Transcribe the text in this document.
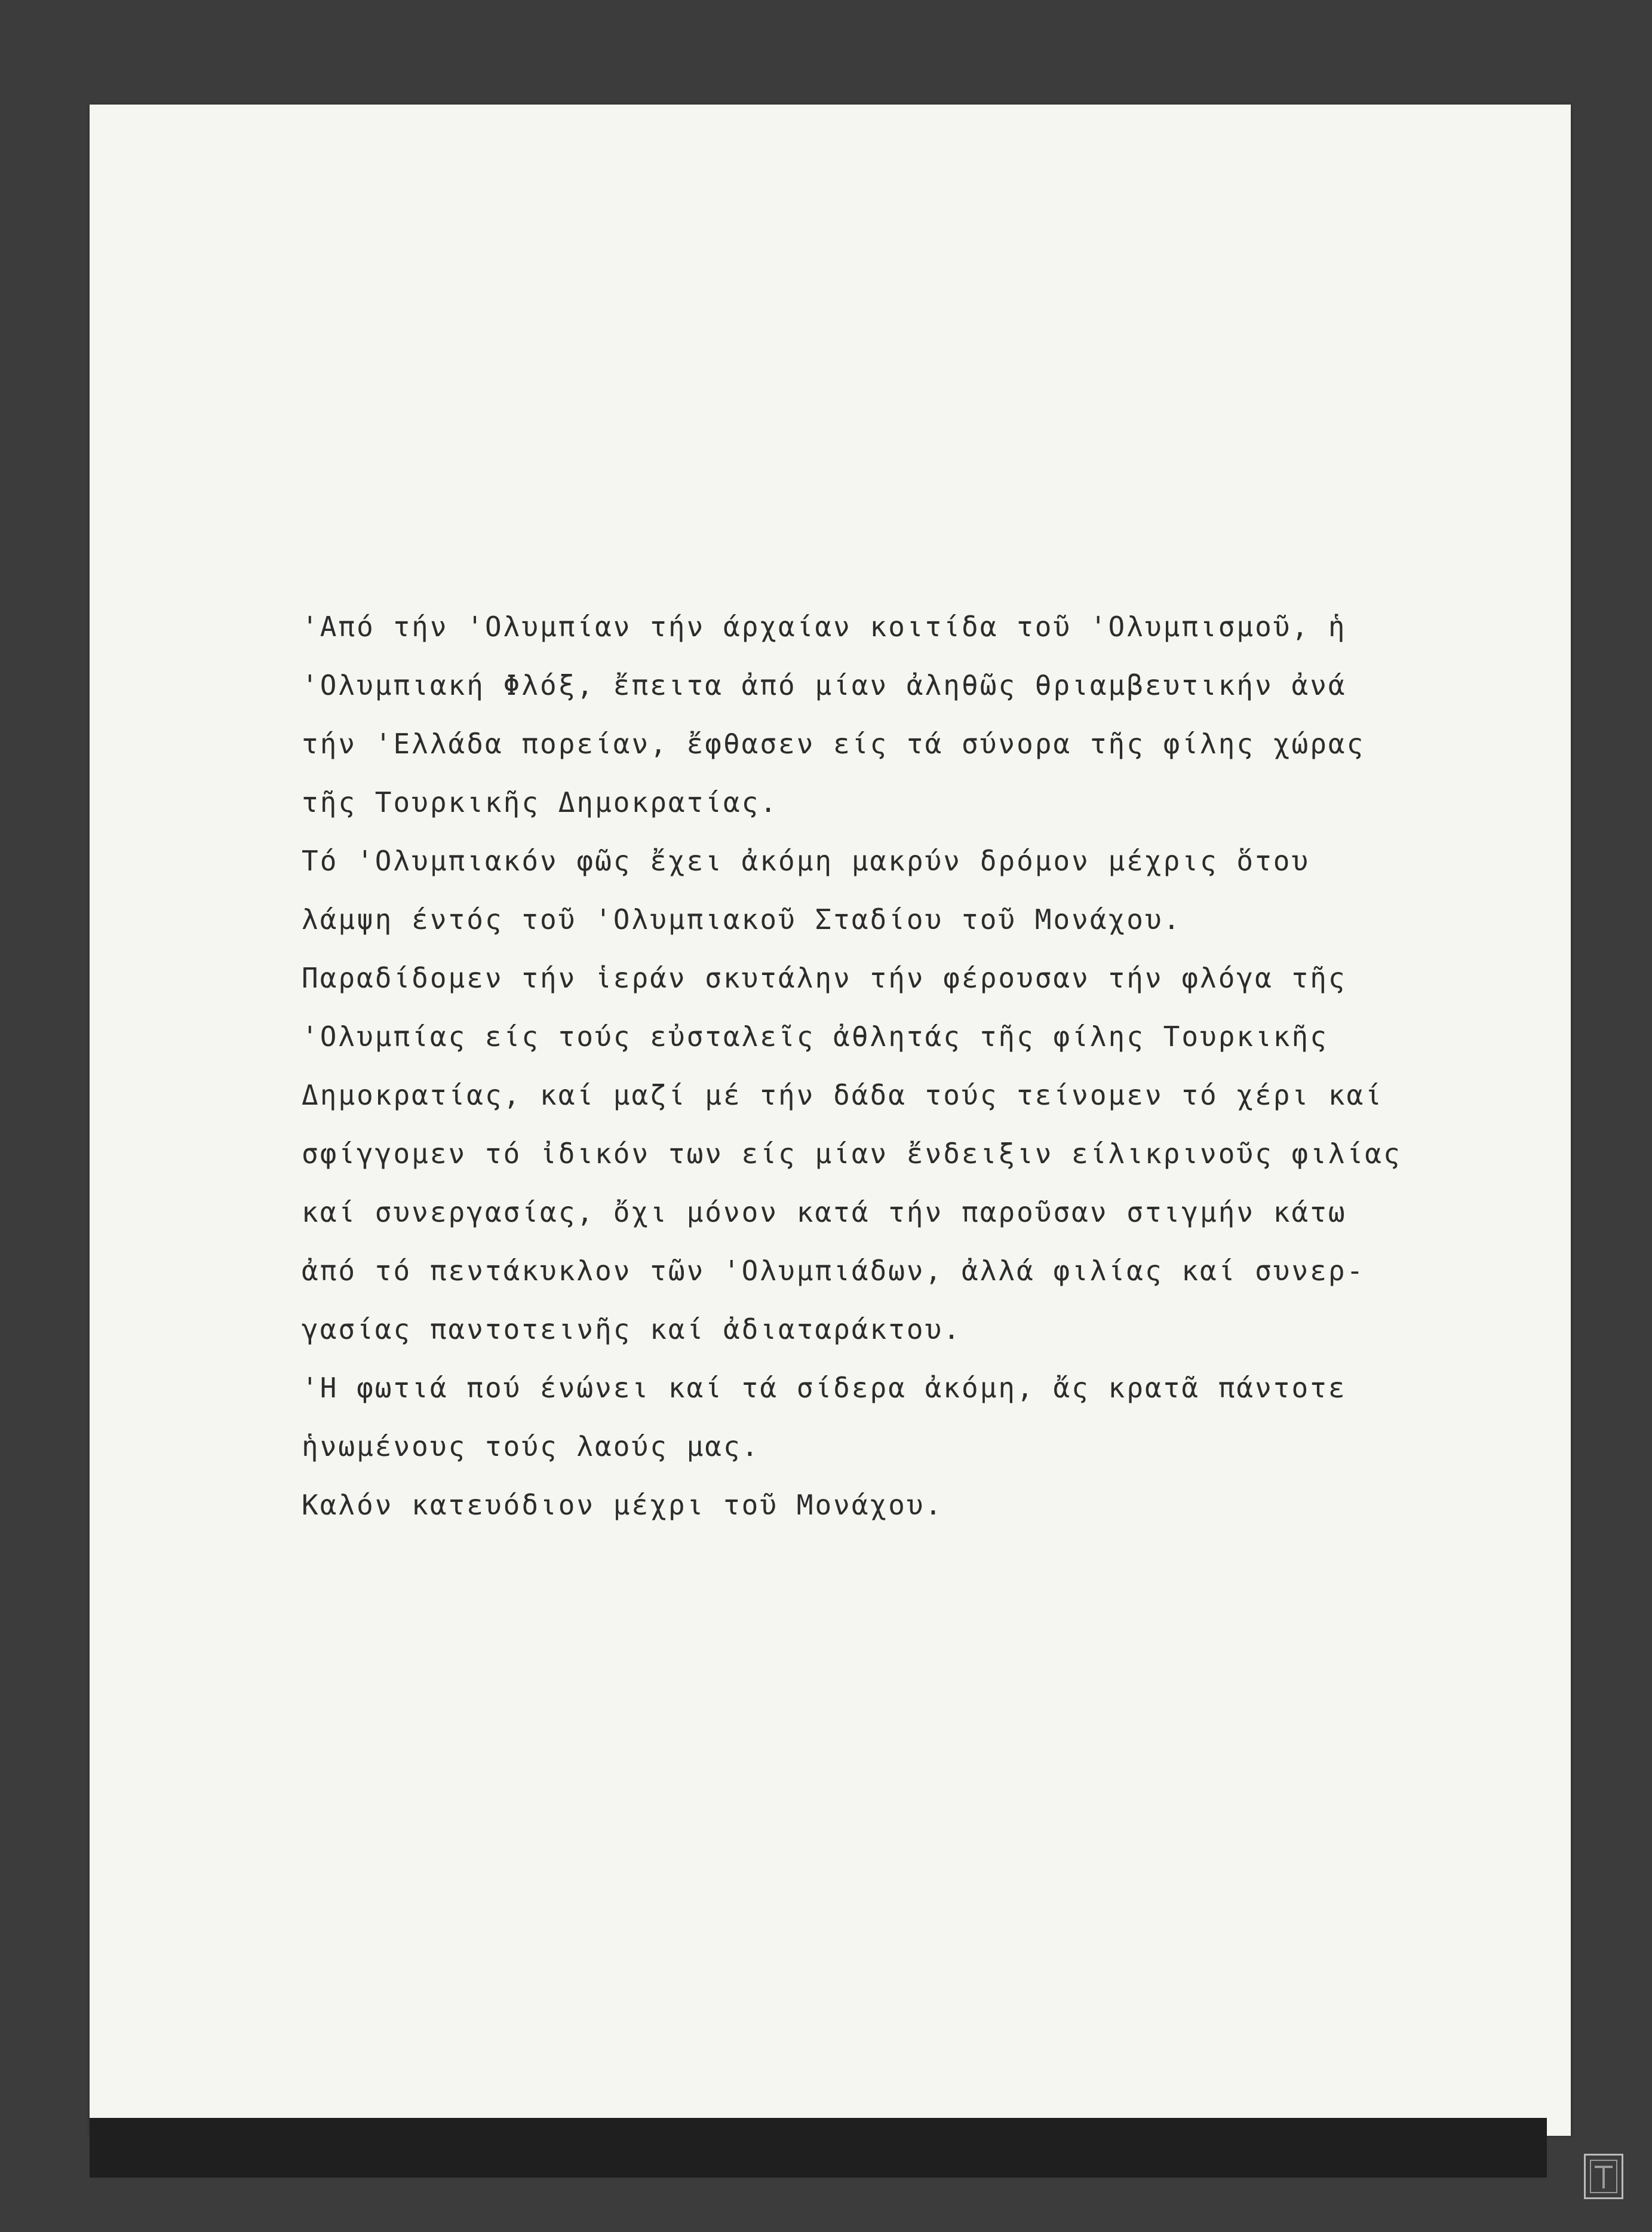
'Από τήν 'Ολυμπίαν τήν άρχαίαν κοιτίδα τοῦ 'Ολυμπισμοῦ, ἡ
'Ολυμπιακή Φλόξ, ἔπειτα ἀπό μίαν ἀληθῶς θριαμβευτικήν ἀνά
τήν 'Ελλάδα πορείαν, ἔφθασεν είς τά σύνορα τῆς φίλης χώρας
τῆς Τουρκικῆς Δημοκρατίας.
Τό 'Ολυμπιακόν φῶς ἔχει ἀκόμη μακρύν δρόμον μέχρις ὅτου
λάμψη έντός τοῦ 'Ολυμπιακοῦ Σταδίου τοῦ Μονάχου.
Παραδίδομεν τήν ἱεράν σκυτάλην τήν φέρουσαν τήν φλόγα τῆς
'Ολυμπίας είς τούς εὐσταλεῖς ἀθλητάς τῆς φίλης Τουρκικῆς
Δημοκρατίας, καί μαζί μέ τήν δάδα τούς τείνομεν τό χέρι καί
σφίγγομεν τό ἰδικόν των είς μίαν ἔνδειξιν είλικρινοῦς φιλίας
καί συνεργασίας, ὄχι μόνον κατά τήν παροῦσαν στιγμήν κάτω
ἀπό τό πεντάκυκλον τῶν 'Ολυμπιάδων, ἀλλά φιλίας καί συνερ-
γασίας παντοτεινῆς καί ἀδιαταράκτου.
'Η φωτιά πού ένώνει καί τά σίδερα ἀκόμη, ἄς κρατᾶ πάντοτε
ἡνωμένους τούς λαούς μας.
Καλόν κατευόδιον μέχρι τοῦ Μονάχου.
